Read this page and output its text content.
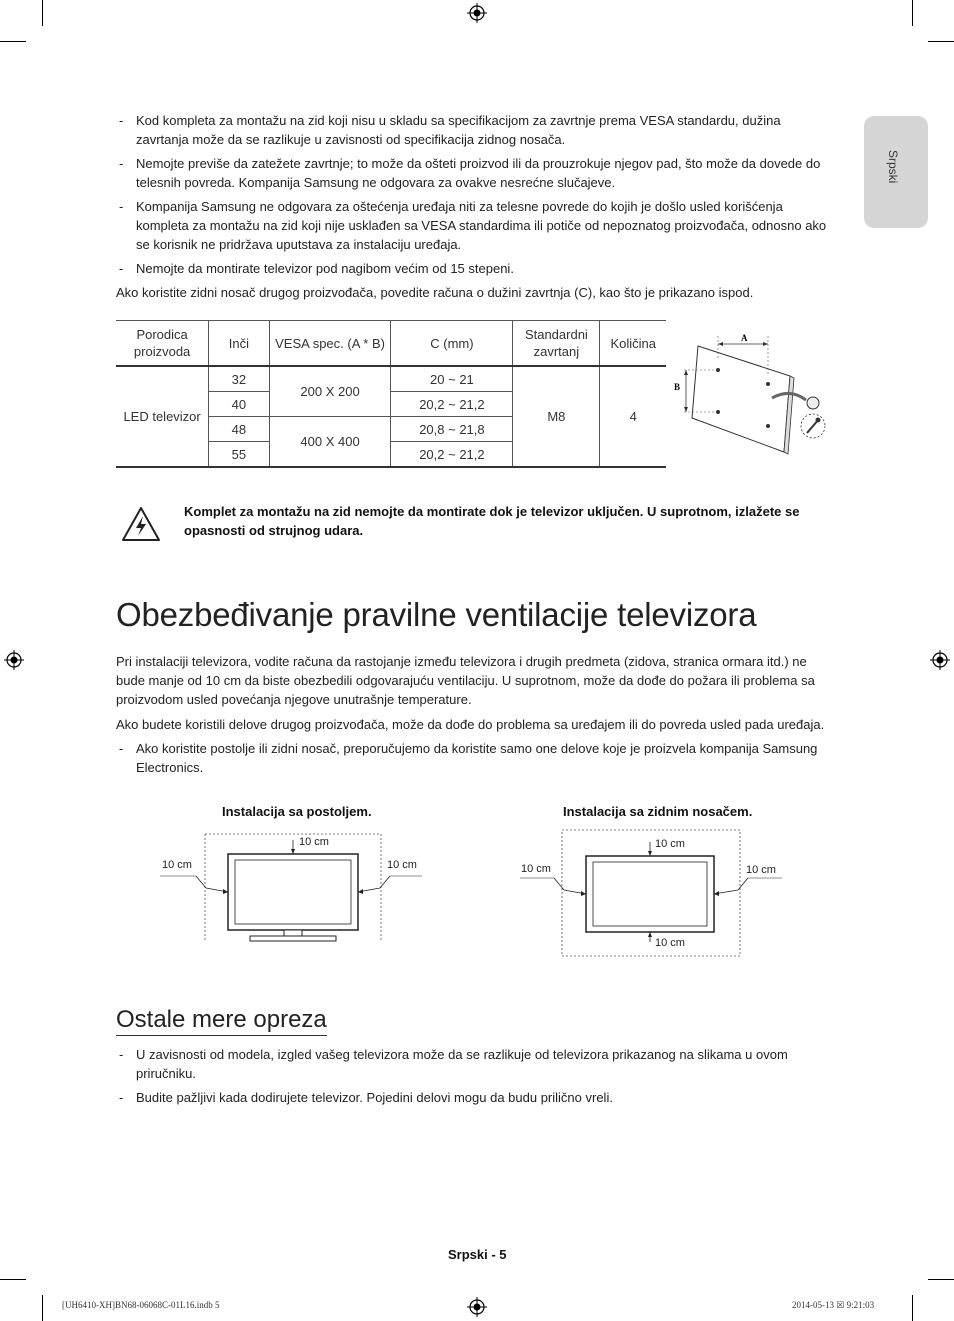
Srpski
- Kod kompleta za montažu na zid koji nisu u skladu sa specifikacijom za zavrtnje prema VESA standardu, dužina zavrtanja može da se razlikuje u zavisnosti od specifikacija zidnog nosača.
- Nemojte previše da zatežete zavrtnje; to može da ošteti proizvod ili da prouzrokuje njegov pad, što može da dovede do telesnih povreda. Kompanija Samsung ne odgovara za ovakve nesrećne slučajeve.
- Kompanija Samsung ne odgovara za oštećenja uređaja niti za telesne povrede do kojih je došlo usled korišćenja kompleta za montažu na zid koji nije usklađen sa VESA standardima ili potiče od nepoznatog proizvođača, odnosno ako se korisnik ne pridržava uputstava za instalaciju uređaja.
- Nemojte da montirate televizor pod nagibom većim od 15 stepeni.

Ako koristite zidni nosač drugog proizvođača, povedite računa o dužini zavrtnja (C), kao što je prikazano ispod.

Porodica proizvoda	Inči	VESA spec. (A * B)	C (mm)	Standardni zavrtanj	Količina
LED televizor	32	200 X 200	20 ~ 21	M8	4
	40		20,2 ~ 21,2		
	48	400 X 400	20,8 ~ 21,8		
	55		20,2 ~ 21,2		
A
B
Komplet za montažu na zid nemojte da montirate dok je televizor uključen. U suprotnom, izlažete se opasnosti od strujnog udara.
Obezbeđivanje pravilne ventilacije televizora

Pri instalaciji televizora, vodite računa da rastojanje između televizora i drugih predmeta (zidova, stranica ormara itd.) ne bude manje od 10 cm da biste obezbedili odgovarajuću ventilaciju. U suprotnom, može da dođe do požara ili problema sa proizvodom usled povećanja njegove unutrašnje temperature.

Ako budete koristili delove drugog proizvođača, može da dođe do problema sa uređajem ili do povreda usled pada uređaja.

- Ako koristite postolje ili zidni nosač, preporučujemo da koristite samo one delove koje je proizvela kompanija Samsung Electronics.
Instalacija sa postoljem.
10 cm
10 cm	10 cm
Instalacija sa zidnim nosačem.
10 cm
10 cm	10 cm
10 cm
Ostale mere opreza
- U zavisnosti od modela, izgled vašeg televizora može da se razlikuje od televizora prikazanog na slikama u ovom priručniku.
- Budite pažljivi kada dodirujete televizor. Pojedini delovi mogu da budu prilično vreli.
Srpski - 5
[UH6410-XH]BN68-06068C-01L16.indb 5	2014-05-13 ☒ 9:21:03
